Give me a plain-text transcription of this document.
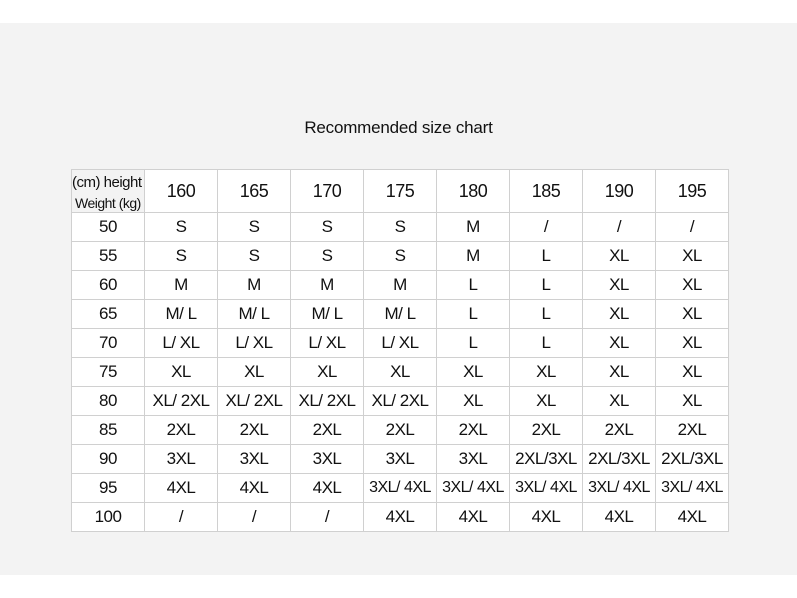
Recommended size chart
(cm) height
Weight (kg)	160	165	170	175	180	185	190	195
50	S	S	S	S	M	/	/	/
55	S	S	S	S	M	L	XL	XL
60	M	M	M	M	L	L	XL	XL
65	M/ L	M/ L	M/ L	M/ L	L	L	XL	XL
70	L/ XL	L/ XL	L/ XL	L/ XL	L	L	XL	XL
75	XL	XL	XL	XL	XL	XL	XL	XL
80	XL/ 2XL	XL/ 2XL	XL/ 2XL	XL/ 2XL	XL	XL	XL	XL
85	2XL	2XL	2XL	2XL	2XL	2XL	2XL	2XL
90	3XL	3XL	3XL	3XL	3XL	2XL/3XL	2XL/3XL	2XL/3XL
95	4XL	4XL	4XL	3XL/ 4XL	3XL/ 4XL	3XL/ 4XL	3XL/ 4XL	3XL/ 4XL
100	/	/	/	4XL	4XL	4XL	4XL	4XL
